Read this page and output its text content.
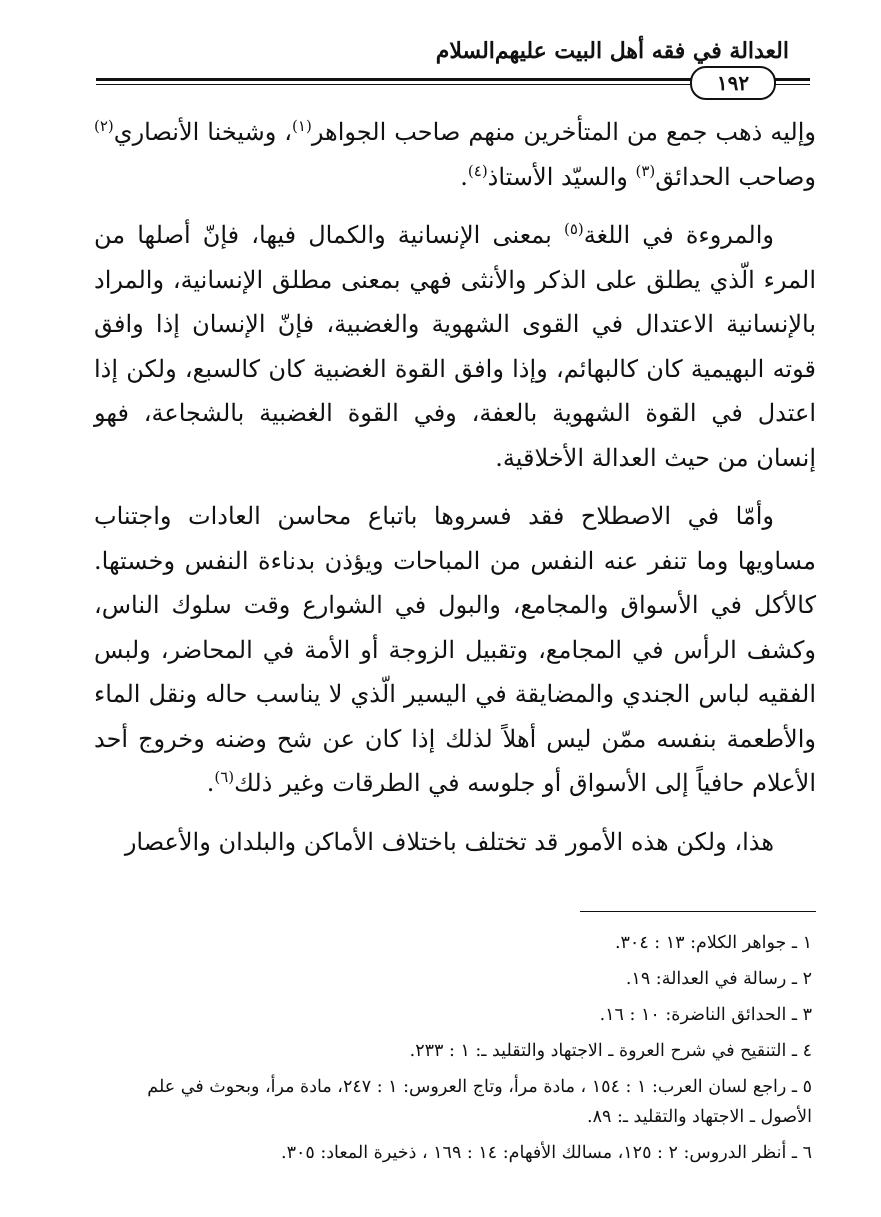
العدالة في فقه أهل البيت عليهم‌السلام
١٩٢

وإليه ذهب جمع من المتأخرين منهم صاحب الجواهر$^{(١)}$، وشيخنا الأنصاري$^{(٢)}$ وصاحب الحدائق$^{(٣)}$ والسيّد الأستاذ$^{(٤)}$.

والمروءة في اللغة$^{(٥)}$ بمعنى الإنسانية والكمال فيها، فإنّ أصلها من المرء الّذي يطلق على الذكر والأنثى فهي بمعنى مطلق الإنسانية، والمراد بالإنسانية الاعتدال في القوى الشهوية والغضبية، فإنّ الإنسان إذا وافق قوته البهيمية كان كالبهائم، وإذا وافق القوة الغضبية كان كالسبع، ولكن إذا اعتدل في القوة الشهوية بالعفة، وفي القوة الغضبية بالشجاعة، فهو إنسان من حيث العدالة الأخلاقية.

وأمّا في الاصطلاح فقد فسروها باتباع محاسن العادات واجتناب مساويها وما تنفر عنه النفس من المباحات ويؤذن بدناءة النفس وخستها. كالأكل في الأسواق والمجامع، والبول في الشوارع وقت سلوك الناس، وكشف الرأس في المجامع، وتقبيل الزوجة أو الأمة في المحاضر، ولبس الفقيه لباس الجندي والمضايقة في اليسير الّذي لا يناسب حاله ونقل الماء والأطعمة بنفسه ممّن ليس أهلاً لذلك إذا كان عن شح وضنه وخروج أحد الأعلام حافياً إلى الأسواق أو جلوسه في الطرقات وغير ذلك$^{(٦)}$.

هذا، ولكن هذه الأمور قد تختلف باختلاف الأماكن والبلدان والأعصار

١ ـ جواهر الكلام: ١٣ : ٣٠٤.
٢ ـ رسالة في العدالة: ١٩.
٣ ـ الحدائق الناضرة: ١٠ : ١٦.
٤ ـ التنقيح في شرح العروة ـ الاجتهاد والتقليد ـ: ١ : ٢٣٣.
٥ ـ راجع لسان العرب: ١ : ١٥٤ ، مادة مرأ، وتاج العروس: ١ : ٢٤٧، مادة مرأ، وبحوث في علم الأصول ـ الاجتهاد والتقليد ـ: ٨٩.
٦ ـ أنظر الدروس: ٢ : ١٢٥، مسالك الأفهام: ١٤ : ١٦٩ ، ذخيرة المعاد: ٣٠٥.
